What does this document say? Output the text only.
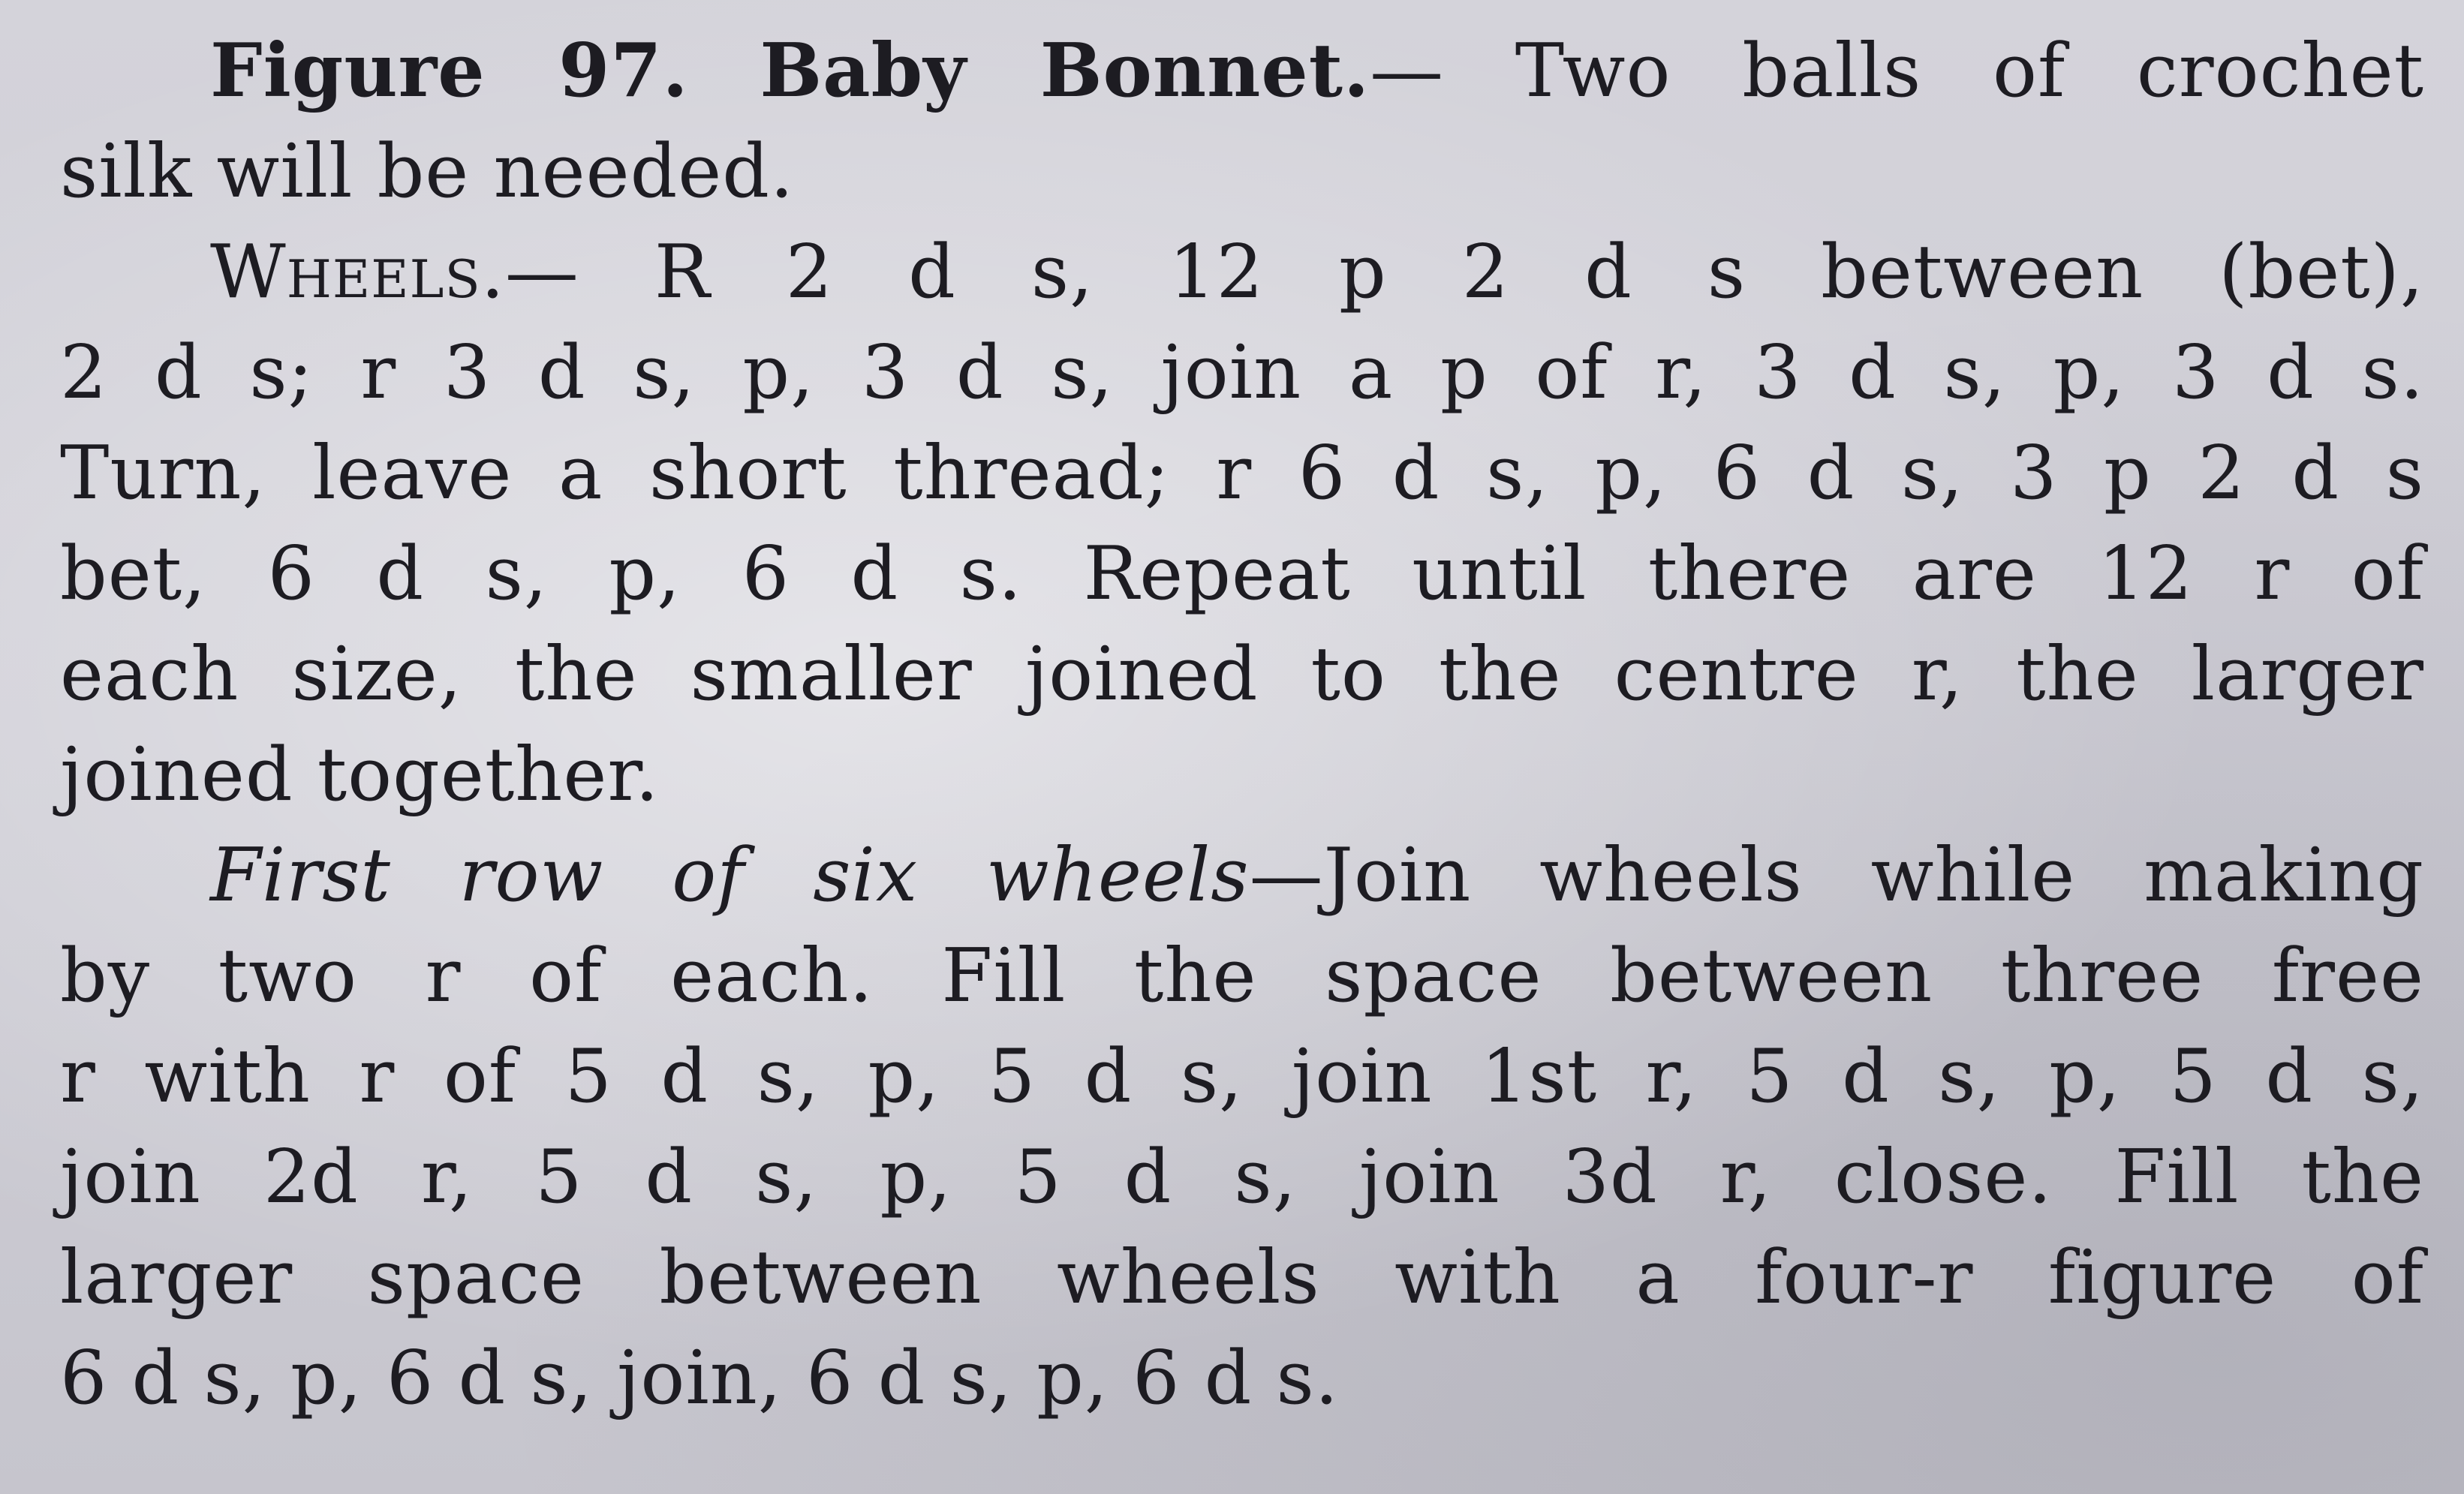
Figure 97. Baby Bonnet.— Two balls of crochet
silk will be needed.
Wheels.— R 2 d s, 12 p 2 d s between (bet),
2 d s; r 3 d s, p, 3 d s, join a p of r, 3 d s, p, 3 d s.
Turn, leave a short thread; r 6 d s, p, 6 d s, 3 p 2 d s
bet, 6 d s, p, 6 d s. Repeat until there are 12 r of
each size, the smaller joined to the centre r, the larger
joined together.
First row of six wheels—Join wheels while making
by two r of each. Fill the space between three free
r with r of 5 d s, p, 5 d s, join 1st r, 5 d s, p, 5 d s,
join 2d r, 5 d s, p, 5 d s, join 3d r, close. Fill the
larger space between wheels with a four-r figure of
6 d s, p, 6 d s, join, 6 d s, p, 6 d s.
